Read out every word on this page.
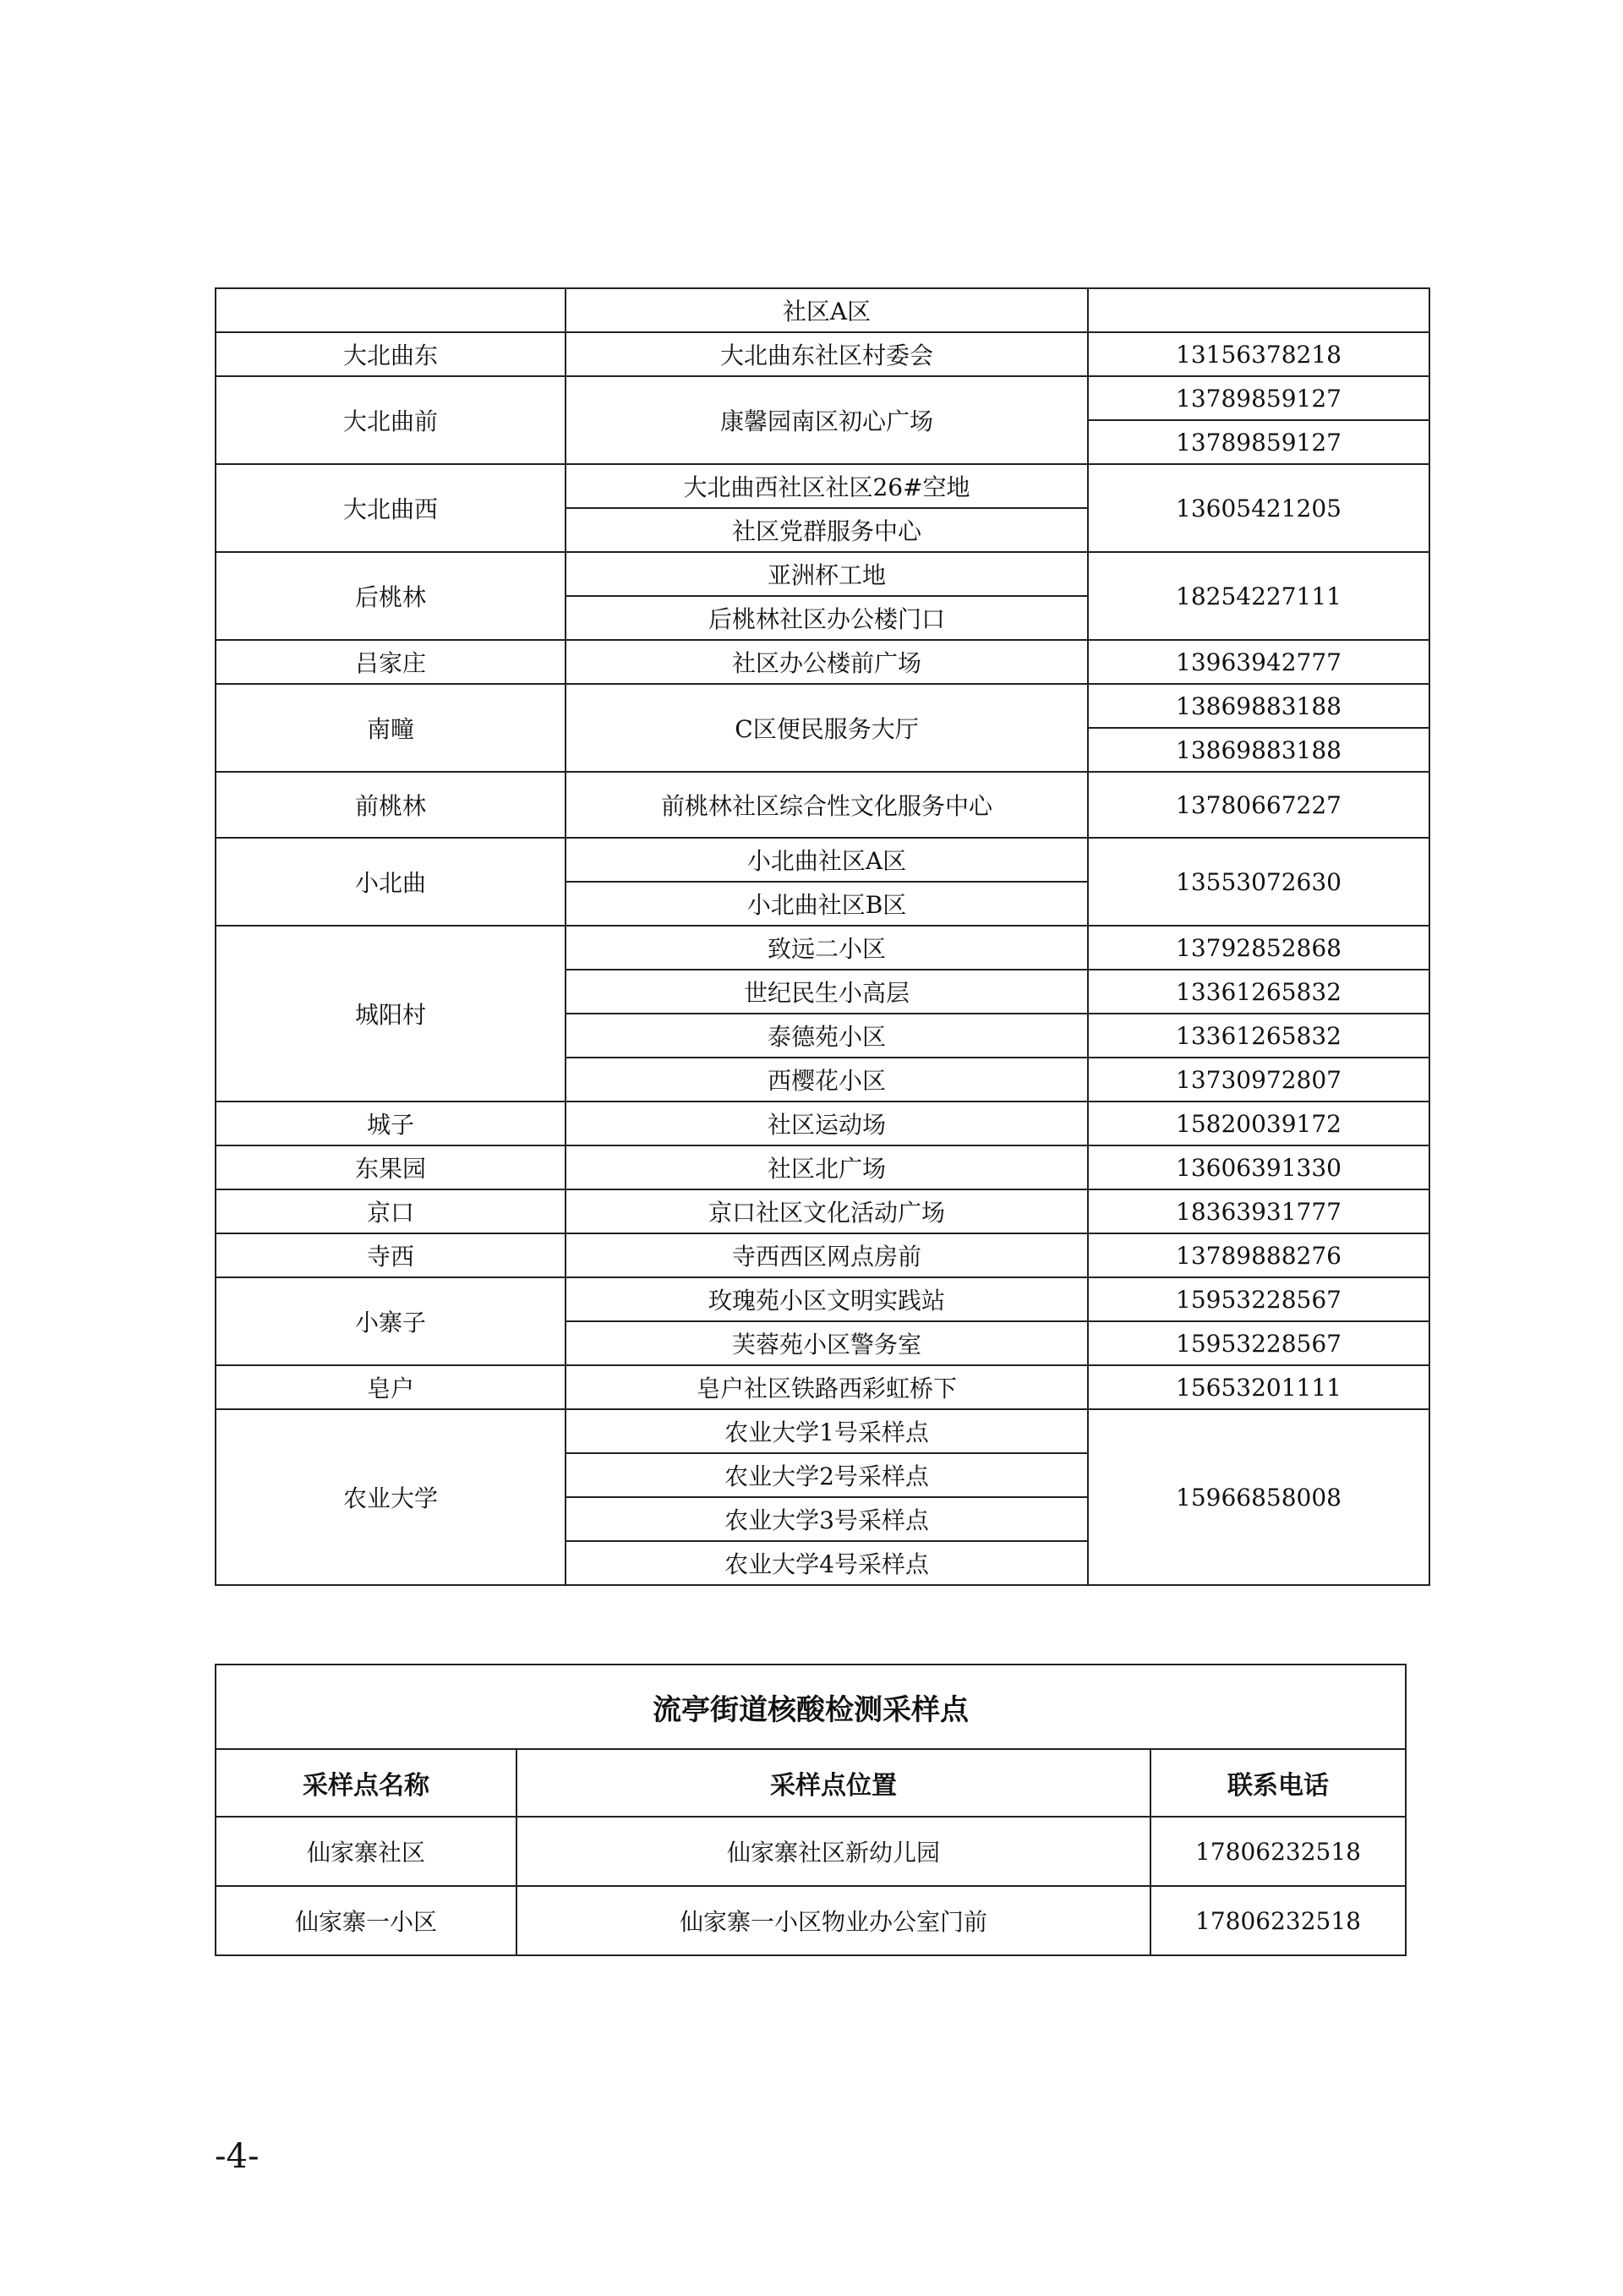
	社区A区	
大北曲东	大北曲东社区村委会	13156378218
大北曲前	康馨园南区初心广场	13789859127
		13789859127
大北曲西	大北曲西社区社区26#空地	13605421205
	社区党群服务中心	
后桃林	亚洲杯工地	18254227111
	后桃林社区办公楼门口	
吕家庄	社区办公楼前广场	13963942777
南疃	C区便民服务大厅	13869883188
		13869883188
前桃林	前桃林社区综合性文化服务中心	13780667227
小北曲	小北曲社区A区	13553072630
	小北曲社区B区	
城阳村	致远二小区	13792852868
	世纪民生小高层	13361265832
	泰德苑小区	13361265832
	西樱花小区	13730972807
城子	社区运动场	15820039172
东果园	社区北广场	13606391330
京口	京口社区文化活动广场	18363931777
寺西	寺西西区网点房前	13789888276
小寨子	玫瑰苑小区文明实践站	15953228567
	芙蓉苑小区警务室	15953228567
皂户	皂户社区铁路西彩虹桥下	15653201111
农业大学	农业大学1号采样点	15966858008
	农业大学2号采样点	
	农业大学3号采样点	
	农业大学4号采样点	
流亭街道核酸检测采样点		
采样点名称	采样点位置	联系电话
仙家寨社区	仙家寨社区新幼儿园	17806232518
仙家寨一小区	仙家寨一小区物业办公室门前	17806232518
-4-
